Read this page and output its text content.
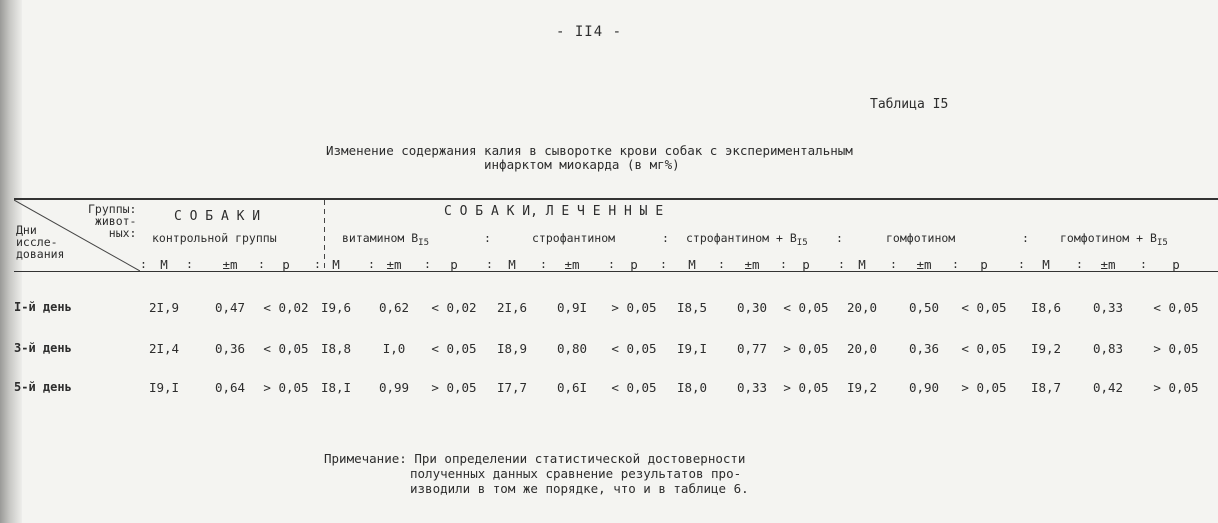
- II4 -
Таблица I5
Изменение содержания калия в сыворотке крови собак с экспериментальным
инфарктом миокарда (в мг%)
Группы:
живот-
ных:
Дни
иссле-
дования
С О Б А К И
контрольной группы
С О Б А К И, Л Е Ч Е Н Н Ы Е
витамином $B_{I5}$	строфантином	строфантином + $B_{I5}$	гомфотином	гомфотином + $B_{I5}$
:	:	:	:
М	±m	р	М	±m	р	М	±m	р	М	±m	р	М	±m	р	М	±m	р
:	:	:	:	:	:	:	:	:	:	:	:	:	:	:	:	:	:
I-й день	2I,9	0,47	< 0,02 I9,6	0,62	< 0,02	2I,6	0,9I	> 0,05	I8,5	0,30	< 0,05	20,0	0,50	< 0,05	I8,6	0,33	< 0,05
3-й день	2I,4	0,36	< 0,05 I8,8	I,0	< 0,05	I8,9	0,80	< 0,05	I9,I	0,77	> 0,05	20,0	0,36	< 0,05	I9,2	0,83	> 0,05
5-й день	I9,I	0,64	> 0,05 I8,I	0,99	> 0,05	I7,7	0,6I	< 0,05	I8,0	0,33	> 0,05	I9,2	0,90	> 0,05	I8,7	0,42	> 0,05
Примечание: При определении статистической достоверности
полученных данных сравнение результатов про-
изводили в том же порядке, что и в таблице 6.
